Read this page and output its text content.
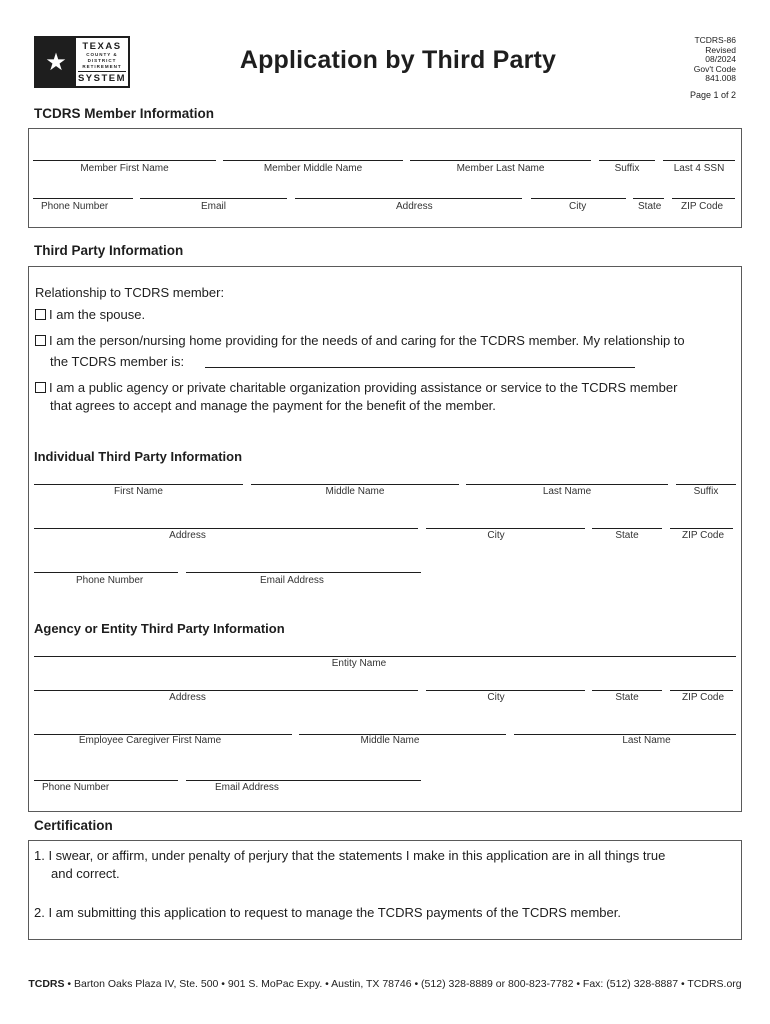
★
TEXAS
COUNTY &
DISTRICT
RETIREMENT
SYSTEM
Application by Third Party
TCDRS-86
Revised
08/2024
Gov't Code
841.008
Page 1 of 2
TCDRS Member Information
Member First Name	Member Middle Name	Member Last Name	Suffix	Last 4 SSN
Phone Number	Email	Address	City	State ZIP Code
Third Party Information
Relationship to TCDRS member:
I am the spouse.
I am the person/nursing home providing for the needs of and caring for the TCDRS member. My relationship to
the TCDRS member is:
I am a public agency or private charitable organization providing assistance or service to the TCDRS member
that agrees to accept and manage the payment for the benefit of the member.
Individual Third Party Information
First Name	Middle Name	Last Name	Suffix
Address	City	State	ZIP Code
Phone Number	Email Address
Agency or Entity Third Party Information
Entity Name
Address	City	State	ZIP Code
Employee Caregiver First Name	Middle Name	Last Name
Phone Number	Email Address
Certification
1. I swear, or affirm, under penalty of perjury that the statements I make in this application are in all things true
and correct.
2. I am submitting this application to request to manage the TCDRS payments of the TCDRS member.
TCDRS • Barton Oaks Plaza IV, Ste. 500 • 901 S. MoPac Expy. • Austin, TX 78746 • (512) 328-8889 or 800-823-7782 • Fax: (512) 328-8887 • TCDRS.org
